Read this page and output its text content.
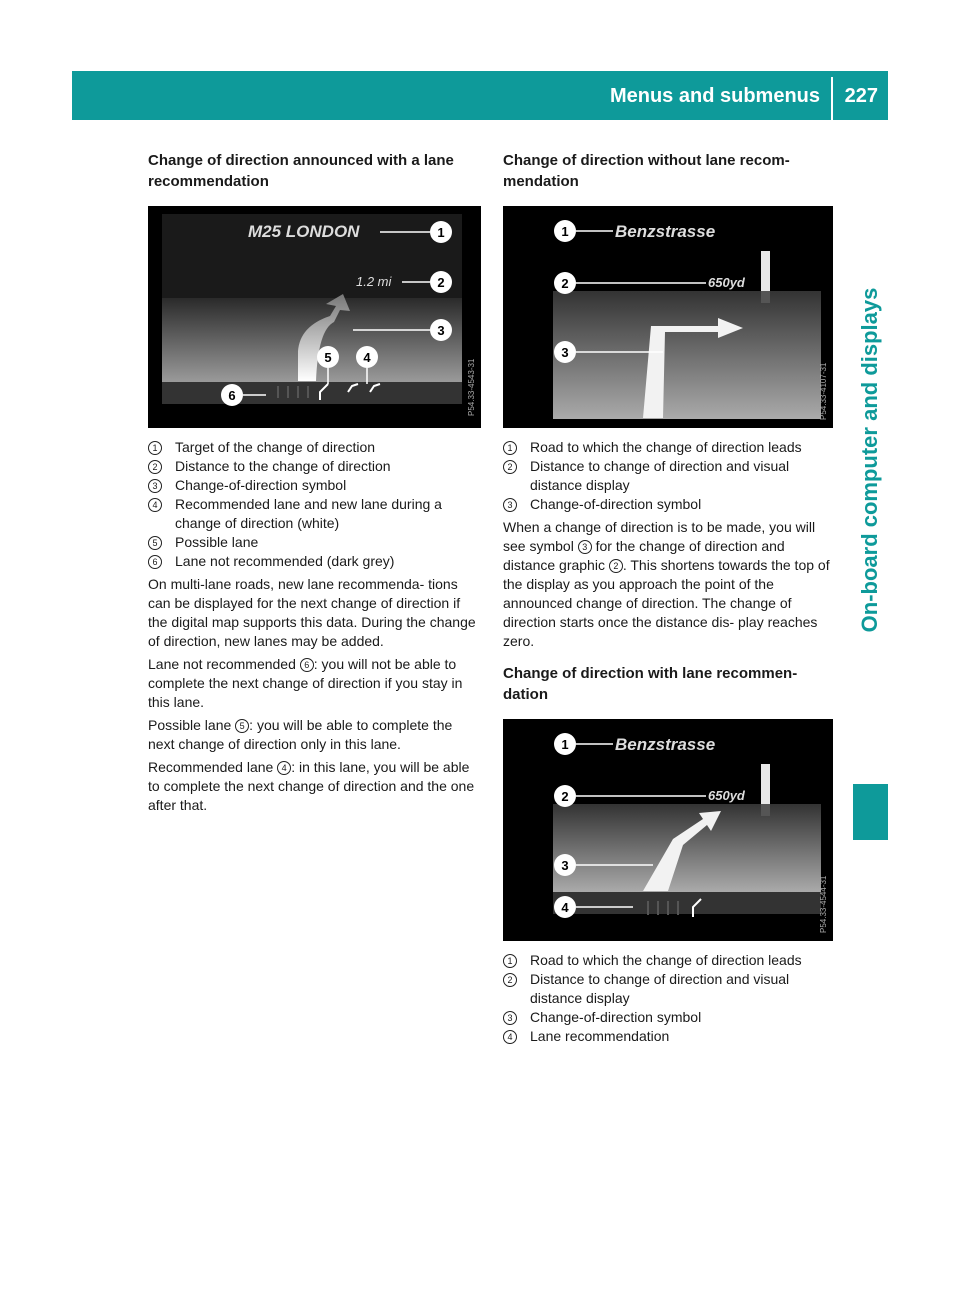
Menus and submenus 227
On-board computer and displays
Change of direction announced with a lane recommendation
M25 LONDON
1.2 mi
1
2
3
4
5
6	P54.33-4543-31
1	Target of the change of direction
2	Distance to the change of direction
3	Change-of-direction symbol
4	Recommended lane and new lane during a change of direction (white)
5	Possible lane
6	Lane not recommended (dark grey)

On multi-lane roads, new lane recommenda- tions can be displayed for the next change of direction if the digital map supports this data. During the change of direction, new lanes may be added.

Lane not recommended 6 : you will not be able to complete the next change of direction if you stay in this lane.

Possible lane 5 : you will be able to complete the next change of direction only in this lane.

Recommended lane 4 : in this lane, you will be able to complete the next change of direction and the one after that.

Change of direction without lane recom- mendation
Benzstrasse
650yd
1
2
3
P54.33-4107-31
1	Road to which the change of direction leads
2	Distance to change of direction and visual distance display
3	Change-of-direction symbol

When a change of direction is to be made, you will see symbol 3 for the change of direction and distance graphic 2 . This shortens towards the top of the display as you approach the point of the announced change of direction. The change of direction starts once the distance dis- play reaches zero.

Change of direction with lane recommen- dation
Benzstrasse
650yd
1
2
3
4	P54.33-4544-31
1	Road to which the change of direction leads
2	Distance to change of direction and visual distance display
3	Change-of-direction symbol
4	Lane recommendation
